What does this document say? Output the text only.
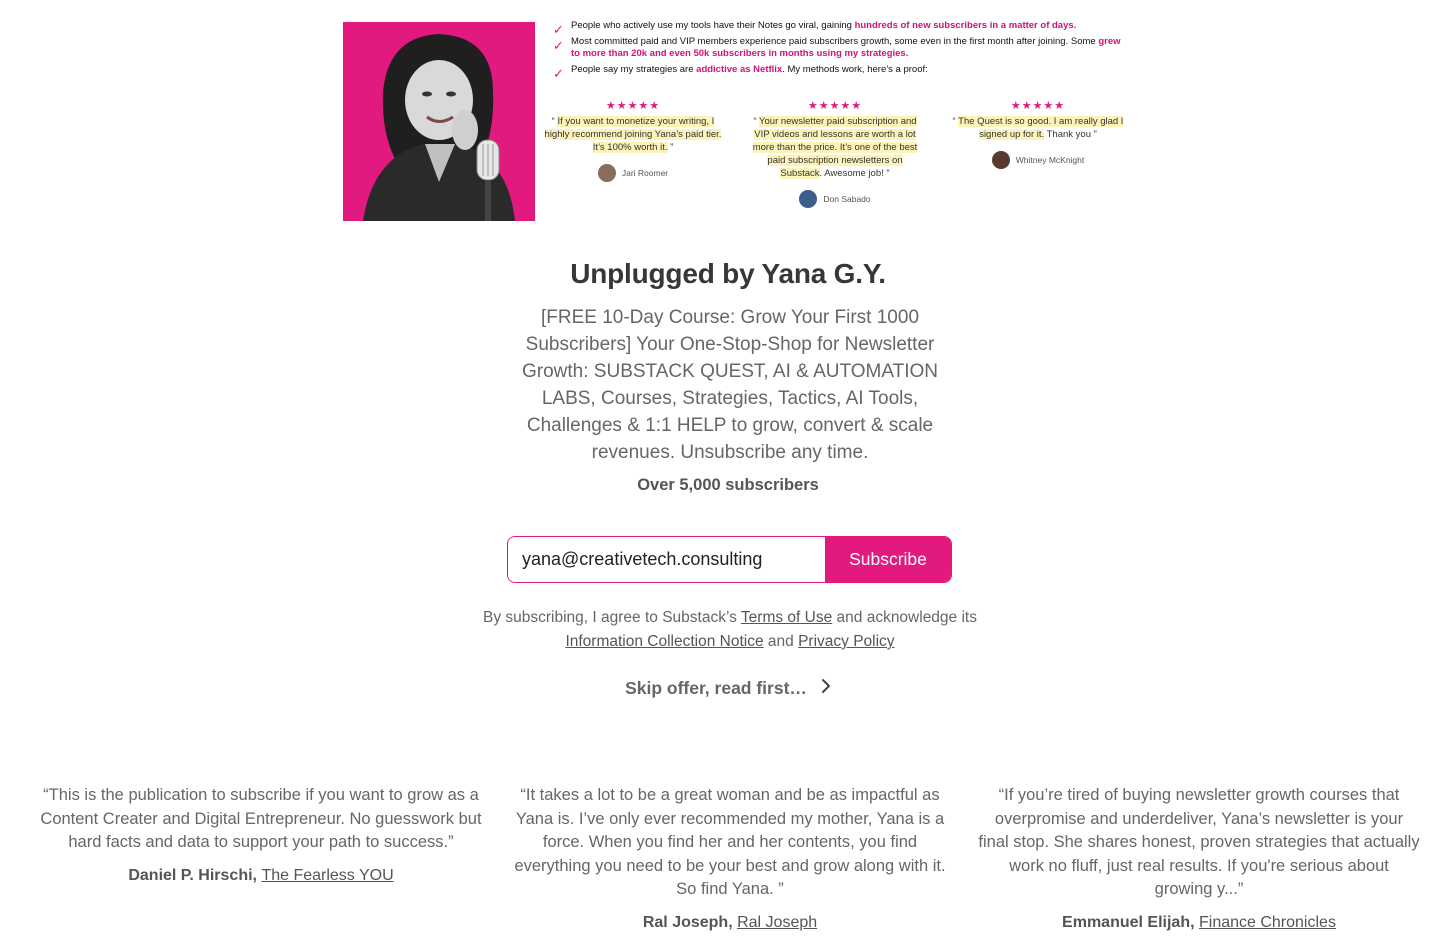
✓ People who actively use my tools have their Notes go viral, gaining hundreds of new subscribers in a matter of days.
✓ Most committed paid and VIP members experience paid subscribers growth, some even in the first month after joining. Some grew to more than 20k and even 50k subscribers in months using my strategies.
✓ People say my strategies are addictive as Netflix. My methods work, here’s a proof:
★★★★★
“ If you want to monetize your writing, I highly recommend joining Yana’s paid tier. It’s 100% worth it. ”
Jari Roomer
★★★★★
“ Your newsletter paid subscription and VIP videos and lessons are worth a lot more than the price. It’s one of the best paid subscription newsletters on Substack. Awesome job! ”
Don Sabado
★★★★★
“ The Quest is so good. I am really glad I signed up for it. Thank you ”
Whitney McKnight
Unplugged by Yana G.Y.

[FREE 10-Day Course: Grow Your First 1000 Subscribers] Your One-Stop-Shop for Newsletter Growth: SUBSTACK QUEST, AI & AUTOMATION LABS, Courses, Strategies, Tactics, AI Tools, Challenges & 1:1 HELP to grow, convert & scale revenues. Unsubscribe any time.

Over 5,000 subscribers
yana@creativetech.consulting
Subscribe
By subscribing, I agree to Substack’s Terms of Use and acknowledge its Information Collection Notice and Privacy Policy
Skip offer, read first…
“This is the publication to subscribe if you want to grow as a Content Creater and Digital Entrepreneur. No guesswork but hard facts and data to support your path to success.”
Daniel P. Hirschi, The Fearless YOU
“It takes a lot to be a great woman and be as impactful as Yana is. I’ve only ever recommended my mother, Yana is a force. When you find her and her contents, you find everything you need to be your best and grow along with it. So find Yana. ”
Ral Joseph, Ral Joseph
“If you’re tired of buying newsletter growth courses that overpromise and underdeliver, Yana’s newsletter is your final stop. She shares honest, proven strategies that actually work no fluff, just real results. If you're serious about growing y...”
Emmanuel Elijah, Finance Chronicles
